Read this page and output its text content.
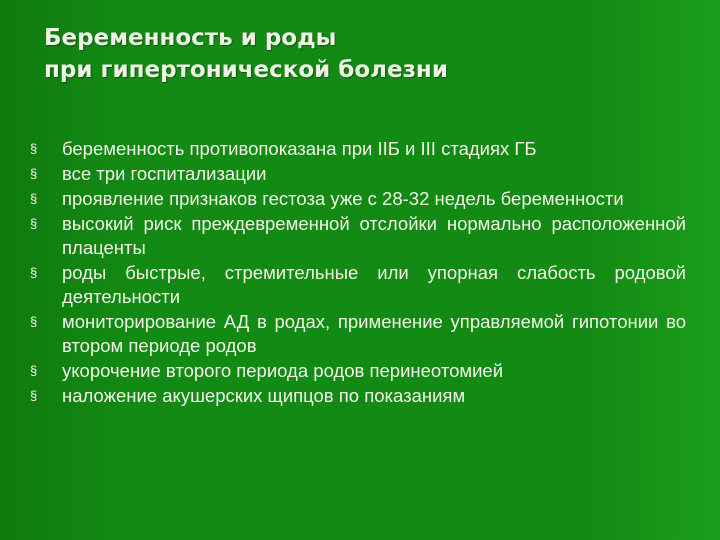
Беременность и роды
при гипертонической болезни
§	беременность противопоказана при IIБ и III стадиях ГБ
§	все три госпитализации
§	проявление признаков гестоза уже с 28-32 недель беременности
§	высокий риск преждевременной отслойки нормально расположенной плаценты
§	роды быстрые, стремительные или упорная слабость родовой деятельности
§	мониторирование АД в родах, применение управляемой гипотонии во втором периоде родов
§	укорочение второго периода родов перинеотомией
§	наложение акушерских щипцов по показаниям
